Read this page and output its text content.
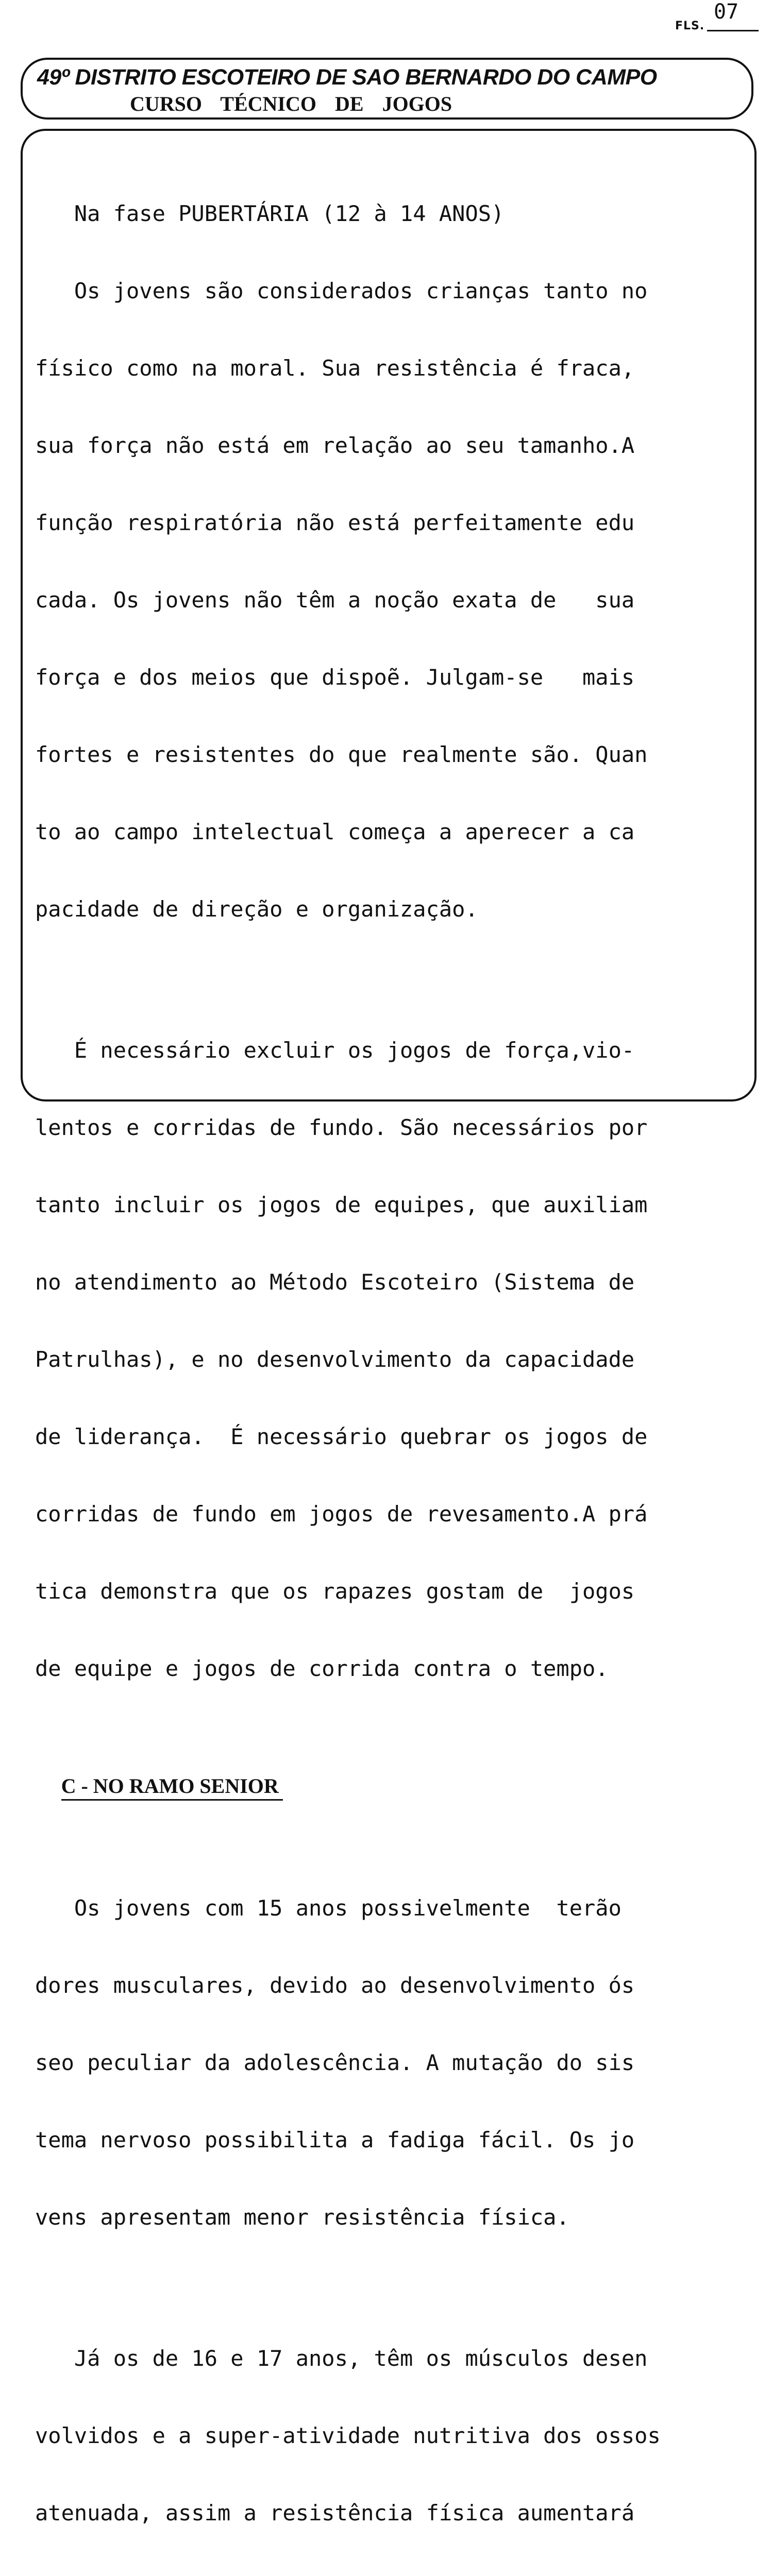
07
FLS.
49º DISTRITO ESCOTEIRO DE SAO BERNARDO DO CAMPO
CURSO TÉCNICO DE JOGOS

Na fase PUBERTÁRIA (12 à 14 ANOS)

Os jovens são considerados crianças tanto no

físico como na moral. Sua resistência é fraca,

sua força não está em relação ao seu tamanho.A

função respiratória não está perfeitamente edu

cada. Os jovens não têm a noção exata de   sua

força e dos meios que dispoẽ. Julgam-se   mais

fortes e resistentes do que realmente são. Quan

to ao campo intelectual começa a aperecer a ca

pacidade de direção e organização.

É necessário excluir os jogos de força,vio-

lentos e corridas de fundo. São necessários por

tanto incluir os jogos de equipes, que auxiliam

no atendimento ao Método Escoteiro (Sistema de

Patrulhas), e no desenvolvimento da capacidade

de liderança.  É necessário quebrar os jogos de

corridas de fundo em jogos de revesamento.A prá

tica demonstra que os rapazes gostam de  jogos

de equipe e jogos de corrida contra o tempo.

C - NO RAMO SENIOR

Os jovens com 15 anos possivelmente  terão

dores musculares, devido ao desenvolvimento ós

seo peculiar da adolescência. A mutação do sis

tema nervoso possibilita a fadiga fácil. Os jo

vens apresentam menor resistência física.

Já os de 16 e 17 anos, têm os músculos desen

volvidos e a super-atividade nutritiva dos ossos

atenuada, assim a resistência física aumentará
